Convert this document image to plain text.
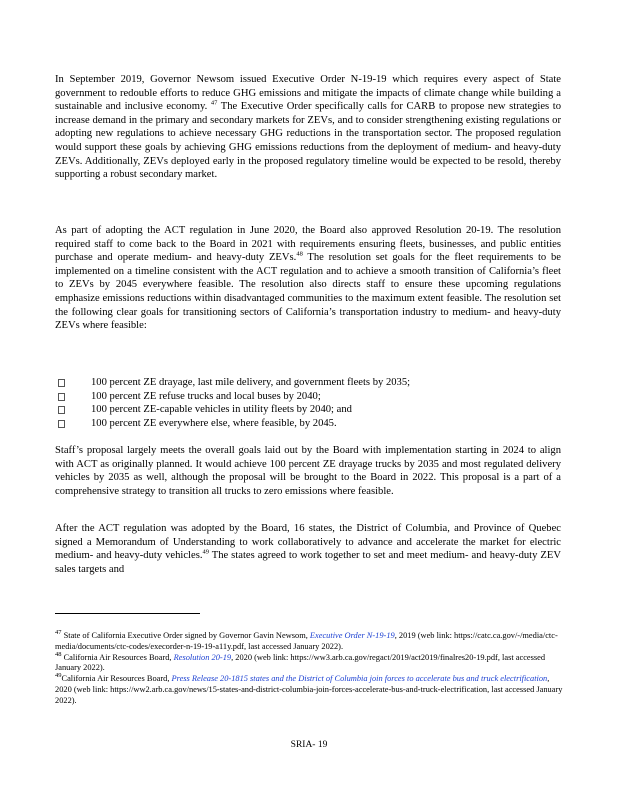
In September 2019, Governor Newsom issued Executive Order N-19-19 which requires every aspect of State government to redouble efforts to reduce GHG emissions and mitigate the impacts of climate change while building a sustainable and inclusive economy. $^{47}$ The Executive Order specifically calls for CARB to propose new strategies to increase demand in the primary and secondary markets for ZEVs, and to consider strengthening existing regulations or adopting new regulations to achieve necessary GHG reductions in the transportation sector. The proposed regulation would support these goals by achieving GHG emissions reductions from the deployment of medium- and heavy-duty ZEVs. Additionally, ZEVs deployed early in the proposed regulatory timeline would be expected to be resold, thereby supporting a robust secondary market.

As part of adopting the ACT regulation in June 2020, the Board also approved Resolution 20-19. The resolution required staff to come back to the Board in 2021 with requirements ensuring fleets, businesses, and public entities purchase and operate medium- and heavy-duty ZEVs.$^{48}$ The resolution set goals for the fleet requirements to be implemented on a timeline consistent with the ACT regulation and to achieve a smooth transition of California’s fleet to ZEVs by 2045 everywhere feasible. The resolution also directs staff to ensure these upcoming regulations emphasize emissions reductions within disadvantaged communities to the maximum extent feasible. The resolution set the following clear goals for transitioning sectors of California’s transportation industry to medium- and heavy-duty ZEVs where feasible:

100 percent ZE drayage, last mile delivery, and government fleets by 2035;
100 percent ZE refuse trucks and local buses by 2040;
100 percent ZE-capable vehicles in utility fleets by 2040; and
100 percent ZE everywhere else, where feasible, by 2045.

Staff’s proposal largely meets the overall goals laid out by the Board with implementation starting in 2024 to align with ACT as originally planned. It would achieve 100 percent ZE drayage trucks by 2035 and most regulated delivery vehicles by 2035 as well, although the proposal will be brought to the Board in 2022. This proposal is a part of a comprehensive strategy to transition all trucks to zero emissions where feasible.

After the ACT regulation was adopted by the Board, 16 states, the District of Columbia, and Province of Quebec signed a Memorandum of Understanding to work collaboratively to advance and accelerate the market for electric medium- and heavy-duty vehicles.$^{49}$ The states agreed to work together to set and meet medium- and heavy-duty ZEV sales targets and

$^{47}$ State of California Executive Order signed by Governor Gavin Newsom, Executive Order N-19-19, 2019 (web link: https://catc.ca.gov/-/media/ctc-media/documents/ctc-codes/execorder-n-19-19-a11y.pdf, last accessed January 2022).

$^{48}$ California Air Resources Board, Resolution 20-19, 2020 (web link: https://ww3.arb.ca.gov/regact/2019/act2019/finalres20-19.pdf, last accessed January 2022).

$^{49}$California Air Resources Board, Press Release 20-1815 states and the District of Columbia join forces to accelerate bus and truck electrification, 2020 (web link: https://ww2.arb.ca.gov/news/15-states-and-district-columbia-join-forces-accelerate-bus-and-truck-electrification, last accessed January 2022).

SRIA- 19
